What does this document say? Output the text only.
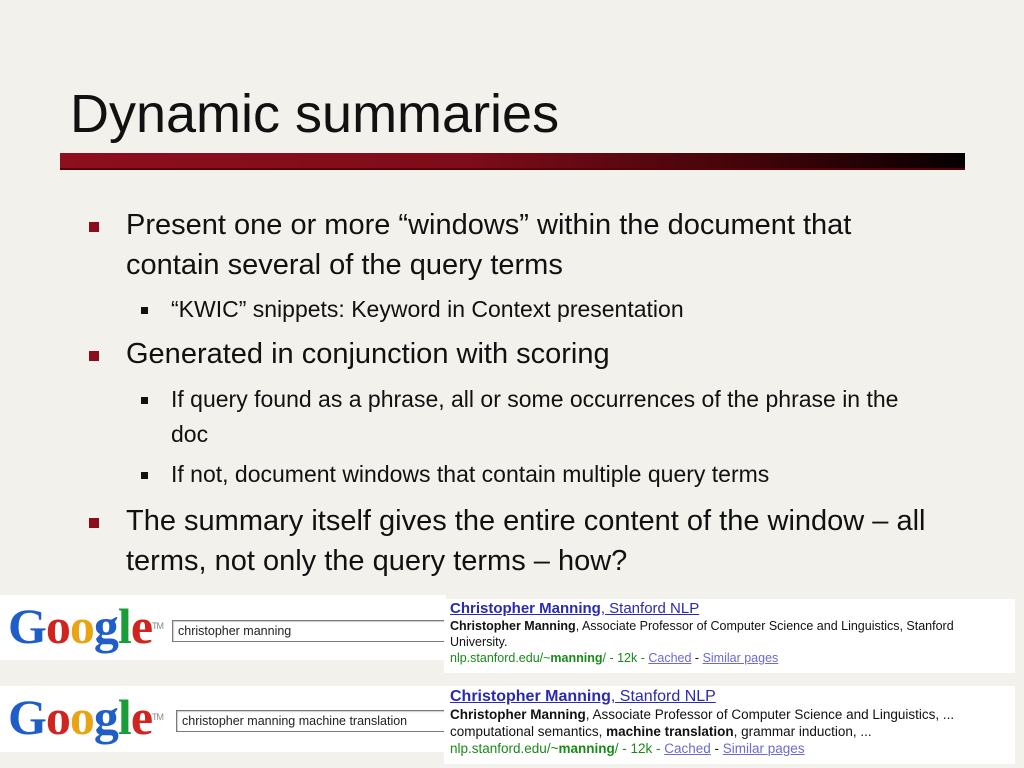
Dynamic summaries
Present one or more “windows” within the document that contain several of the query terms
“KWIC” snippets: Keyword in Context presentation
Generated in conjunction with scoring
If query found as a phrase, all or some occurrences of the phrase in the doc
If not, document windows that contain multiple query terms
The summary itself gives the entire content of the window – all terms, not only the query terms – how?
GoogleTM	christopher manning
GoogleTM	christopher manning machine translation
Christopher Manning, Stanford NLP
Christopher Manning, Associate Professor of Computer Science and Linguistics, Stanford University.
nlp.stanford.edu/~manning/ - 12k - Cached - Similar pages
Christopher Manning, Stanford NLP
Christopher Manning, Associate Professor of Computer Science and Linguistics, ...
computational semantics, machine translation, grammar induction, ...
nlp.stanford.edu/~manning/ - 12k - Cached - Similar pages
